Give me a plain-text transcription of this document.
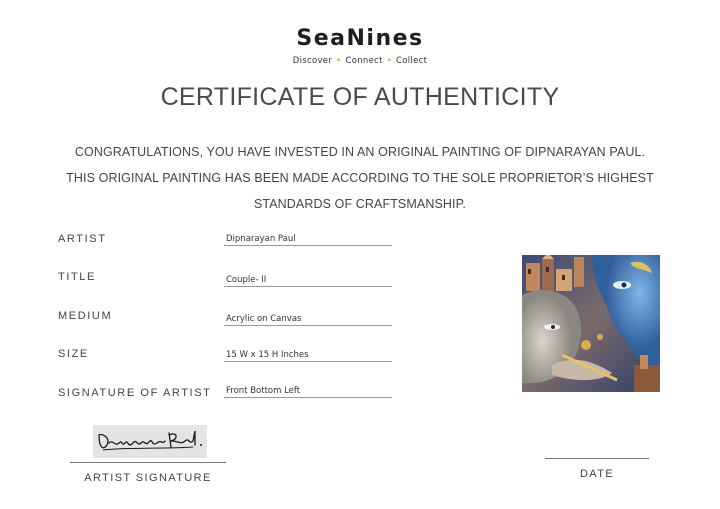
SeaNines
Discover • Connect • Collect
CERTIFICATE OF AUTHENTICITY
CONGRATULATIONS, YOU HAVE INVESTED IN AN ORIGINAL PAINTING OF DIPNARAYAN PAUL.
THIS ORIGINAL PAINTING HAS BEEN MADE ACCORDING TO THE SOLE PROPRIETOR’S HIGHEST
STANDARDS OF CRAFTSMANSHIP.
ARTIST	Dipnarayan Paul
TITLE	Couple- II
MEDIUM	Acrylic on Canvas
SIZE	15 W x 15 H Inches
SIGNATURE OF ARTIST Front Bottom Left
ARTIST SIGNATURE	DATE
